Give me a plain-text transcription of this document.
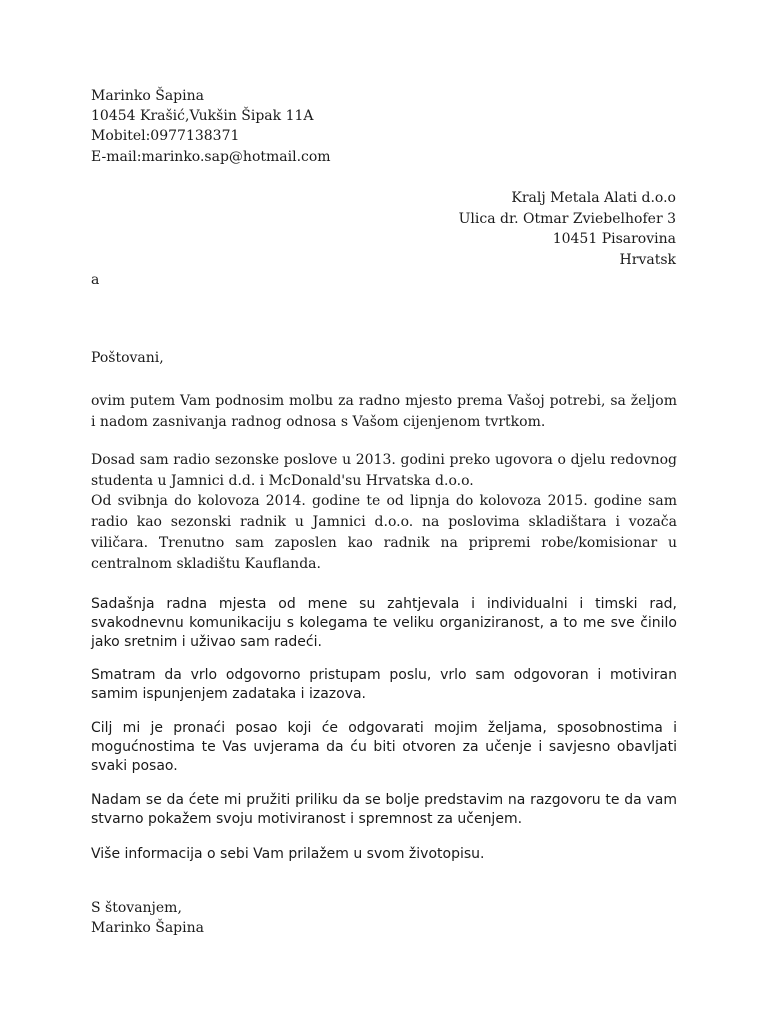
Marinko Šapina
10454 Krašić,Vukšin Šipak 11A
Mobitel:0977138371
E-mail:marinko.sap@hotmail.com
Kralj Metala Alati d.o.o
Ulica dr. Otmar Zviebelhofer 3
10451 Pisarovina
Hrvatsk
a
Poštovani,
ovim putem Vam podnosim molbu za radno mjesto prema Vašoj potrebi, sa željom i nadom zasnivanja radnog odnosa s Vašom cijenjenom tvrtkom.
Dosad sam radio sezonske poslove u 2013. godini preko ugovora o djelu redovnog studenta u Jamnici d.d. i McDonald'su Hrvatska d.o.o.
Od svibnja do kolovoza 2014. godine te od lipnja do kolovoza 2015. godine sam radio kao sezonski radnik u Jamnici d.o.o. na poslovima skladištara i vozača viličara. Trenutno sam zaposlen kao radnik na pripremi robe/komisionar u centralnom skladištu Kauflanda.
Sadašnja radna mjesta od mene su zahtjevala i individualni i timski rad, svakodnevnu komunikaciju s kolegama te veliku organiziranost, a to me sve činilo jako sretnim i uživao sam radeći.
Smatram da vrlo odgovorno pristupam poslu, vrlo sam odgovoran i motiviran samim ispunjenjem zadataka i izazova.
Cilj mi je pronaći posao koji će odgovarati mojim željama, sposobnostima i mogućnostima te Vas uvjerama da ću biti otvoren za učenje i savjesno obavljati svaki posao.
Nadam se da ćete mi pružiti priliku da se bolje predstavim na razgovoru te da vam stvarno pokažem svoju motiviranost i spremnost za učenjem.
Više informacija o sebi Vam prilažem u svom životopisu.
S štovanjem,
Marinko Šapina
